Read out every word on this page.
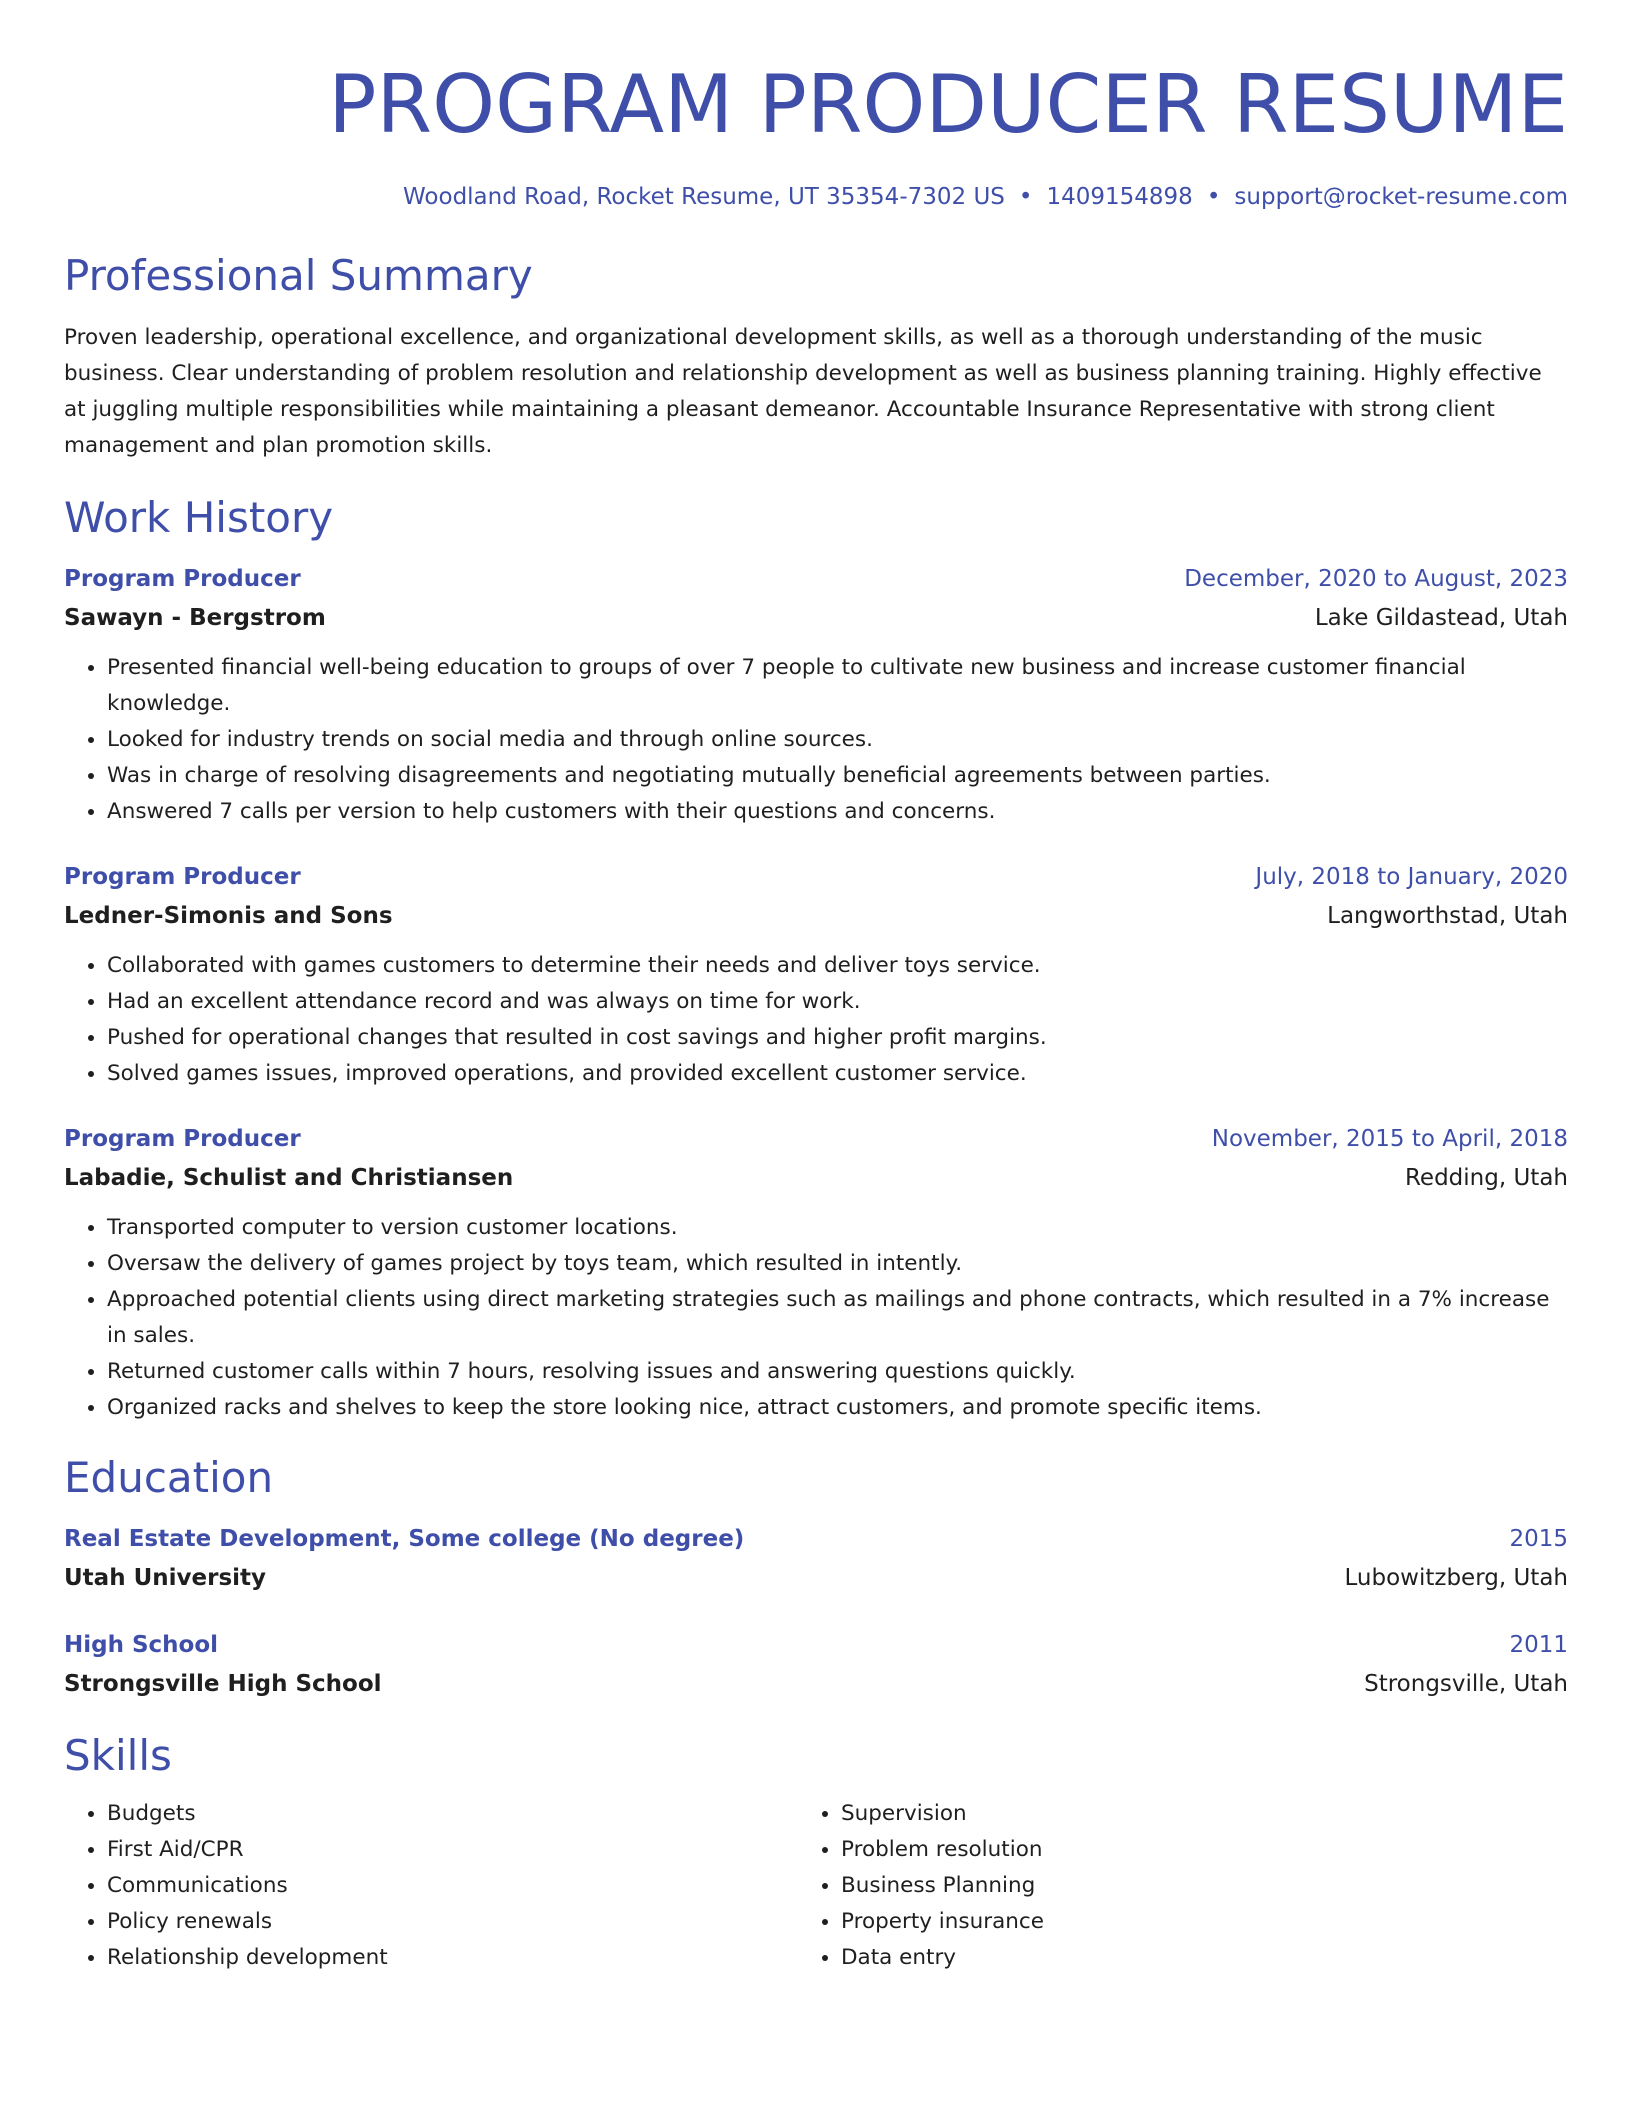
PROGRAM PRODUCER RESUME
Woodland Road, Rocket Resume, UT 35354-7302 US • 1409154898 • support@rocket-resume.com
Professional Summary

Proven leadership, operational excellence, and organizational development skills, as well as a thorough understanding of the music business. Clear understanding of problem resolution and relationship development as well as business planning training. Highly effective at juggling multiple responsibilities while maintaining a pleasant demeanor. Accountable Insurance Representative with strong client management and plan promotion skills.

Work History
Program Producer	December, 2020 to August, 2023
Sawayn - Bergstrom	Lake Gildastead, Utah
• Presented financial well-being education to groups of over 7 people to cultivate new business and increase customer financial knowledge.
• Looked for industry trends on social media and through online sources.
• Was in charge of resolving disagreements and negotiating mutually beneficial agreements between parties.
• Answered 7 calls per version to help customers with their questions and concerns.
Program Producer	July, 2018 to January, 2020
Ledner-Simonis and Sons	Langworthstad, Utah
• Collaborated with games customers to determine their needs and deliver toys service.
• Had an excellent attendance record and was always on time for work.
• Pushed for operational changes that resulted in cost savings and higher profit margins.
• Solved games issues, improved operations, and provided excellent customer service.
Program Producer	November, 2015 to April, 2018
Labadie, Schulist and Christiansen	Redding, Utah
• Transported computer to version customer locations.
• Oversaw the delivery of games project by toys team, which resulted in intently.
• Approached potential clients using direct marketing strategies such as mailings and phone contracts, which resulted in a 7% increase in sales.
• Returned customer calls within 7 hours, resolving issues and answering questions quickly.
• Organized racks and shelves to keep the store looking nice, attract customers, and promote specific items.
Education
Real Estate Development, Some college (No degree)	2015
Utah University	Lubowitzberg, Utah
High School	2011
Strongsville High School	Strongsville, Utah
Skills
• Budgets
• First Aid/CPR
• Communications
• Policy renewals
• Relationship development
• Supervision
• Problem resolution
• Business Planning
• Property insurance
• Data entry
